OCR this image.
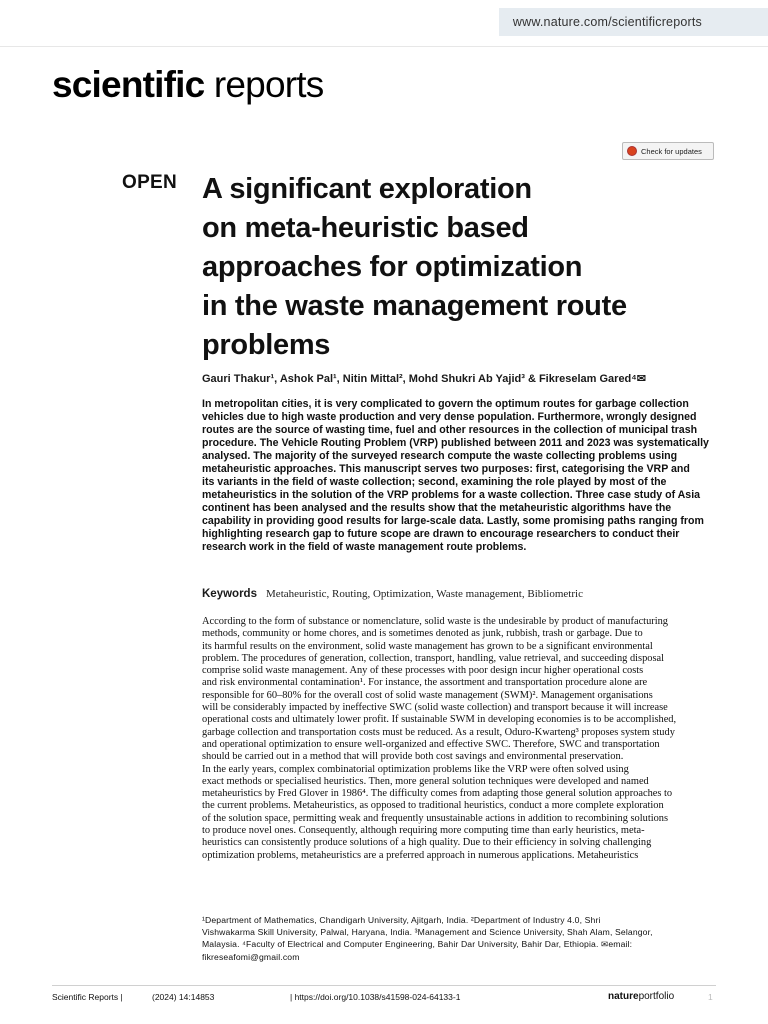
www.nature.com/scientificreports
scientific reports
Check for updates
OPEN A significant exploration
on meta-heuristic based
approaches for optimization
in the waste management route
problems
Gauri Thakur¹, Ashok Pal¹, Nitin Mittal², Mohd Shukri Ab Yajid³ & Fikreselam Gared⁴✉
In metropolitan cities, it is very complicated to govern the optimum routes for garbage collection
vehicles due to high waste production and very dense population. Furthermore, wrongly designed
routes are the source of wasting time, fuel and other resources in the collection of municipal trash
procedure. The Vehicle Routing Problem (VRP) published between 2011 and 2023 was systematically
analysed. The majority of the surveyed research compute the waste collecting problems using
metaheuristic approaches. This manuscript serves two purposes: first, categorising the VRP and
its variants in the field of waste collection; second, examining the role played by most of the
metaheuristics in the solution of the VRP problems for a waste collection. Three case study of Asia
continent has been analysed and the results show that the metaheuristic algorithms have the
capability in providing good results for large-scale data. Lastly, some promising paths ranging from
highlighting research gap to future scope are drawn to encourage researchers to conduct their
research work in the field of waste management route problems.
Keywords Metaheuristic, Routing, Optimization, Waste management, Bibliometric
According to the form of substance or nomenclature, solid waste is the undesirable by product of manufacturing
methods, community or home chores, and is sometimes denoted as junk, rubbish, trash or garbage. Due to
its harmful results on the environment, solid waste management has grown to be a significant environmental
problem. The procedures of generation, collection, transport, handling, value retrieval, and succeeding disposal
comprise solid waste management. Any of these processes with poor design incur higher operational costs
and risk environmental contamination¹. For instance, the assortment and transportation procedure alone are
responsible for 60–80% for the overall cost of solid waste management (SWM)². Management organisations
will be considerably impacted by ineffective SWC (solid waste collection) and transport because it will increase
operational costs and ultimately lower profit. If sustainable SWM in developing economies is to be accomplished,
garbage collection and transportation costs must be reduced. As a result, Oduro-Kwarteng³ proposes system study
and operational optimization to ensure well-organized and effective SWC. Therefore, SWC and transportation
should be carried out in a method that will provide both cost savings and environmental preservation.
In the early years, complex combinatorial optimization problems like the VRP were often solved using
exact methods or specialised heuristics. Then, more general solution techniques were developed and named
metaheuristics by Fred Glover in 1986⁴. The difficulty comes from adapting those general solution approaches to
the current problems. Metaheuristics, as opposed to traditional heuristics, conduct a more complete exploration
of the solution space, permitting weak and frequently unsustainable actions in addition to recombining solutions
to produce novel ones. Consequently, although requiring more computing time than early heuristics, meta-
heuristics can consistently produce solutions of a high quality. Due to their efficiency in solving challenging
optimization problems, metaheuristics are a preferred approach in numerous applications. Metaheuristics
¹Department of Mathematics, Chandigarh University, Ajitgarh, India. ²Department of Industry 4.0, Shri
Vishwakarma Skill University, Palwal, Haryana, India. ³Management and Science University, Shah Alam, Selangor,
Malaysia. ⁴Faculty of Electrical and Computer Engineering, Bahir Dar University, Bahir Dar, Ethiopia. ✉email:
fikreseafomi@gmail.com
Scientific Reports |	(2024) 14:14853	| https://doi.org/10.1038/s41598-024-64133-1	natureportfolio	1
